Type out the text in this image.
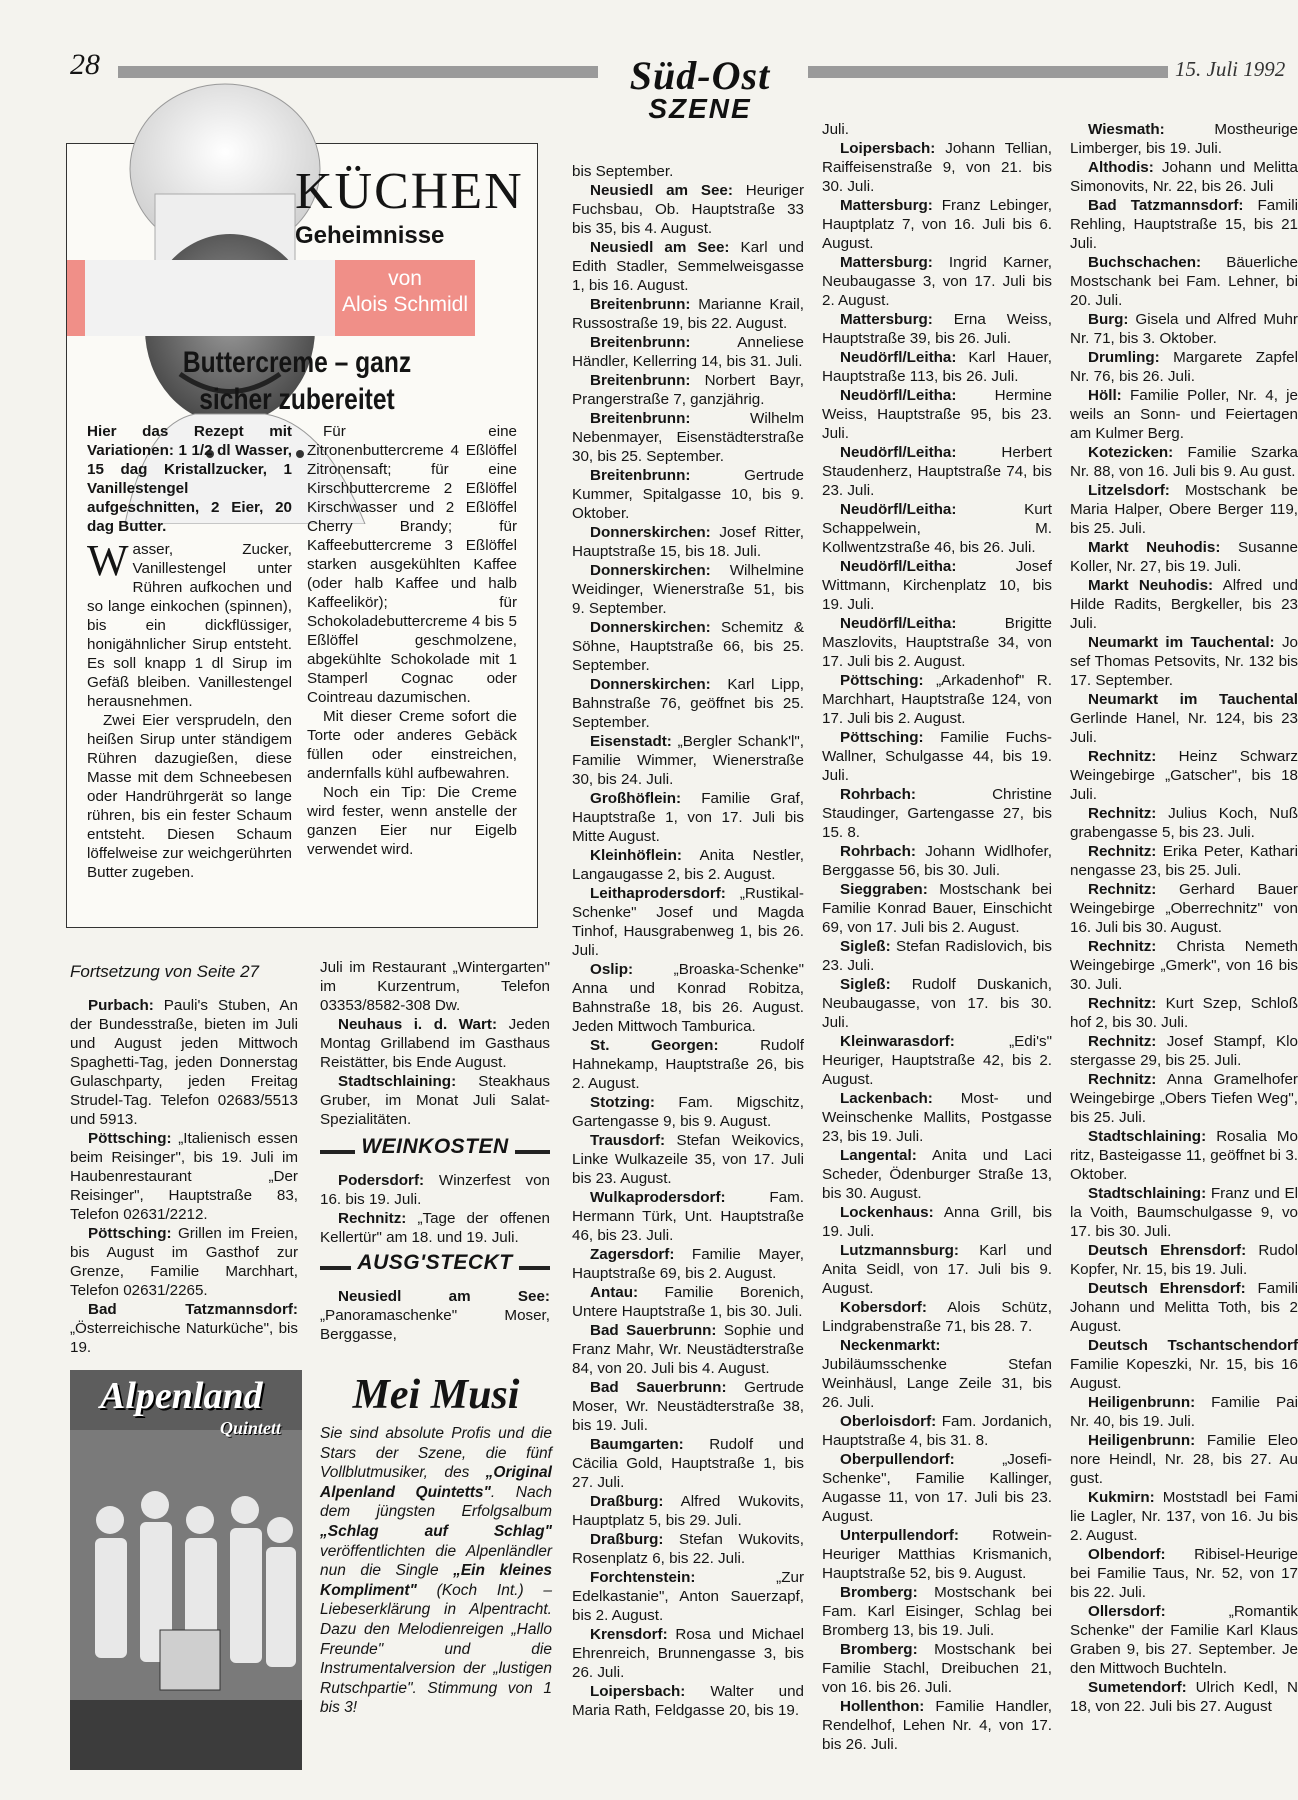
28	Süd-Ost
SZENE
15. Juli 1992
KÜCHEN
Geheimnisse
von
Alois Schmidl
Buttercreme – ganz
sicher zubereitet

Hier das Rezept mit Variationen: 1 1/2 dl Wasser, 15 dag Kristallzucker, 1 Vanillestengel aufgeschnitten, 2 Eier, 20 dag Butter.

W asser, Zucker, Vanillestengel unter Rühren aufkochen und so lange einkochen (spinnen), bis ein dickflüssiger, honigähnlicher Sirup entsteht. Es soll knapp 1 dl Sirup im Gefäß bleiben. Vanillestengel herausnehmen.

Zwei Eier versprudeln, den heißen Sirup unter ständigem Rühren dazugießen, diese Masse mit dem Schneebesen oder Handrührgerät so lange rühren, bis ein fester Schaum entsteht. Diesen Schaum löffelweise zur weichgerührten Butter zugeben.

Für eine Zitronenbuttercreme 4 Eßlöffel Zitronensaft; für eine Kirschbuttercreme 2 Eßlöffel Kirschwasser und 2 Eßlöffel Cherry Brandy; für Kaffeebuttercreme 3 Eßlöffel starken ausgekühlten Kaffee (oder halb Kaffee und halb Kaffeelikör); für Schokoladebuttercreme 4 bis 5 Eßlöffel geschmolzene, abgekühlte Schokolade mit 1 Stamperl Cognac oder Cointreau dazumischen.

Mit dieser Creme sofort die Torte oder anderes Gebäck füllen oder einstreichen, andernfalls kühl aufbewahren.

Noch ein Tip: Die Creme wird fester, wenn anstelle der ganzen Eier nur Eigelb verwendet wird.

Fortsetzung von Seite 27

Purbach: Pauli's Stuben, An der Bundesstraße, bieten im Juli und August jeden Mittwoch Spaghetti-Tag, jeden Donnerstag Gulaschparty, jeden Freitag Strudel-Tag. Telefon 02683/5513 und 5913.

Pöttsching: „Italienisch essen beim Reisinger", bis 19. Juli im Haubenrestaurant „Der Reisinger", Hauptstraße 83, Telefon 02631/2212.

Pöttsching: Grillen im Freien, bis August im Gasthof zur Grenze, Familie Marchhart, Telefon 02631/2265.

Bad Tatzmannsdorf: „Österreichische Naturküche", bis 19.

Juli im Restaurant „Wintergarten" im Kurzentrum, Telefon 03353/8582-308 Dw.

Neuhaus i. d. Wart: Jeden Montag Grillabend im Gasthaus Reistätter, bis Ende August.

Stadtschlaining: Steakhaus Gruber, im Monat Juli Salat-Spezialitäten.

WEINKOSTEN

Podersdorf: Winzerfest von 16. bis 19. Juli.

Rechnitz: „Tage der offenen Kellertür" am 18. und 19. Juli.

AUSG'STECKT

Neusiedl am See: „Panoramaschenke" Moser, Berggasse,

Alpenland
Quintett
Mei Musi

Sie sind absolute Profis und die Stars der Szene, die fünf Vollblutmusiker, des „Original Alpenland Quintetts". Nach dem jüngsten Erfolgsalbum „Schlag auf Schlag" veröffentlichten die Alpenländler nun die Single „Ein kleines Kompliment" (Koch Int.) – Liebeserklärung in Alpentracht. Dazu den Melodienreigen „Hallo Freunde" und die Instrumentalversion der „lustigen Rutschpartie". Stimmung von 1 bis 3!

bis September.

Neusiedl am See: Heuriger Fuchsbau, Ob. Hauptstraße 33 bis 35, bis 4. August.

Neusiedl am See: Karl und Edith Stadler, Semmelweisgasse 1, bis 16. August.

Breitenbrunn: Marianne Krail, Russostraße 19, bis 22. August.

Breitenbrunn: Anneliese Händler, Kellerring 14, bis 31. Juli.

Breitenbrunn: Norbert Bayr, Prangerstraße 7, ganzjährig.

Breitenbrunn: Wilhelm Nebenmayer, Eisenstädterstraße 30, bis 25. September.

Breitenbrunn: Gertrude Kummer, Spitalgasse 10, bis 9. Oktober.

Donnerskirchen: Josef Ritter, Hauptstraße 15, bis 18. Juli.

Donnerskirchen: Wilhelmine Weidinger, Wienerstraße 51, bis 9. September.

Donnerskirchen: Schemitz & Söhne, Hauptstraße 66, bis 25. September.

Donnerskirchen: Karl Lipp, Bahnstraße 76, geöffnet bis 25. September.

Eisenstadt: „Bergler Schank'l", Familie Wimmer, Wienerstraße 30, bis 24. Juli.

Großhöflein: Familie Graf, Hauptstraße 1, von 17. Juli bis Mitte August.

Kleinhöflein: Anita Nestler, Langaugasse 2, bis 2. August.

Leithaprodersdorf: „Rustikal-Schenke" Josef und Magda Tinhof, Hausgrabenweg 1, bis 26. Juli.

Oslip: „Broaska-Schenke" Anna und Konrad Robitza, Bahnstraße 18, bis 26. August. Jeden Mittwoch Tamburica.

St. Georgen: Rudolf Hahnekamp, Hauptstraße 26, bis 2. August.

Stotzing: Fam. Migschitz, Gartengasse 9, bis 9. August.

Trausdorf: Stefan Weikovics, Linke Wulkazeile 35, von 17. Juli bis 23. August.

Wulkaprodersdorf: Fam. Hermann Türk, Unt. Hauptstraße 46, bis 23. Juli.

Zagersdorf: Familie Mayer, Hauptstraße 69, bis 2. August.

Antau: Familie Borenich, Untere Hauptstraße 1, bis 30. Juli.

Bad Sauerbrunn: Sophie und Franz Mahr, Wr. Neustädterstraße 84, von 20. Juli bis 4. August.

Bad Sauerbrunn: Gertrude Moser, Wr. Neustädterstraße 38, bis 19. Juli.

Baumgarten: Rudolf und Cäcilia Gold, Hauptstraße 1, bis 27. Juli.

Draßburg: Alfred Wukovits, Hauptplatz 5, bis 29. Juli.

Draßburg: Stefan Wukovits, Rosenplatz 6, bis 22. Juli.

Forchtenstein: „Zur Edelkastanie", Anton Sauerzapf, bis 2. August.

Krensdorf: Rosa und Michael Ehrenreich, Brunnengasse 3, bis 26. Juli.

Loipersbach: Walter und Maria Rath, Feldgasse 20, bis 19.

Juli.

Loipersbach: Johann Tellian, Raiffeisenstraße 9, von 21. bis 30. Juli.

Mattersburg: Franz Lebinger, Hauptplatz 7, von 16. Juli bis 6. August.

Mattersburg: Ingrid Karner, Neubaugasse 3, von 17. Juli bis 2. August.

Mattersburg: Erna Weiss, Hauptstraße 39, bis 26. Juli.

Neudörfl/Leitha: Karl Hauer, Hauptstraße 113, bis 26. Juli.

Neudörfl/Leitha: Hermine Weiss, Hauptstraße 95, bis 23. Juli.

Neudörfl/Leitha: Herbert Staudenherz, Hauptstraße 74, bis 23. Juli.

Neudörfl/Leitha: Kurt Schappelwein, M. Kollwentzstraße 46, bis 26. Juli.

Neudörfl/Leitha: Josef Wittmann, Kirchenplatz 10, bis 19. Juli.

Neudörfl/Leitha: Brigitte Maszlovits, Hauptstraße 34, von 17. Juli bis 2. August.

Pöttsching: „Arkadenhof" R. Marchhart, Hauptstraße 124, von 17. Juli bis 2. August.

Pöttsching: Familie Fuchs-Wallner, Schulgasse 44, bis 19. Juli.

Rohrbach: Christine Staudinger, Gartengasse 27, bis 15. 8.

Rohrbach: Johann Widlhofer, Berggasse 56, bis 30. Juli.

Sieggraben: Mostschank bei Familie Konrad Bauer, Einschicht 69, von 17. Juli bis 2. August.

Sigleß: Stefan Radislovich, bis 23. Juli.

Sigleß: Rudolf Duskanich, Neubaugasse, von 17. bis 30. Juli.

Kleinwarasdorf: „Edi's" Heuriger, Hauptstraße 42, bis 2. August.

Lackenbach: Most- und Weinschenke Mallits, Postgasse 23, bis 19. Juli.

Langental: Anita und Laci Scheder, Ödenburger Straße 13, bis 30. August.

Lockenhaus: Anna Grill, bis 19. Juli.

Lutzmannsburg: Karl und Anita Seidl, von 17. Juli bis 9. August.

Kobersdorf: Alois Schütz, Lindgrabenstraße 71, bis 28. 7.

Neckenmarkt: Jubiläumsschenke Stefan Weinhäusl, Lange Zeile 31, bis 26. Juli.

Oberloisdorf: Fam. Jordanich, Hauptstraße 4, bis 31. 8.

Oberpullendorf: „Josefi-Schenke", Familie Kallinger, Augasse 11, von 17. Juli bis 23. August.

Unterpullendorf: Rotwein-Heuriger Matthias Krismanich, Hauptstraße 52, bis 9. August.

Bromberg: Mostschank bei Fam. Karl Eisinger, Schlag bei Bromberg 13, bis 19. Juli.

Bromberg: Mostschank bei Familie Stachl, Dreibuchen 21, von 16. bis 26. Juli.

Hollenthon: Familie Handler, Rendelhof, Lehen Nr. 4, von 17. bis 26. Juli.

Wiesmath: Mostheurige Limberger, bis 19. Juli.

Althodis: Johann und Melitta Simonovits, Nr. 22, bis 26. Juli

Bad Tatzmannsdorf: Famili Rehling, Hauptstraße 15, bis 21 Juli.

Buchschachen: Bäuerliche Mostschank bei Fam. Lehner, bi 20. Juli.

Burg: Gisela und Alfred Muhr Nr. 71, bis 3. Oktober.

Drumling: Margarete Zapfel Nr. 76, bis 26. Juli.

Höll: Familie Poller, Nr. 4, je weils an Sonn- und Feiertagen am Kulmer Berg.

Kotezicken: Familie Szarka Nr. 88, von 16. Juli bis 9. Au gust.

Litzelsdorf: Mostschank be Maria Halper, Obere Berger 119, bis 25. Juli.

Markt Neuhodis: Susanne Koller, Nr. 27, bis 19. Juli.

Markt Neuhodis: Alfred und Hilde Radits, Bergkeller, bis 23 Juli.

Neumarkt im Tauchental: Jo sef Thomas Petsovits, Nr. 132 bis 17. September.

Neumarkt im Tauchental Gerlinde Hanel, Nr. 124, bis 23 Juli.

Rechnitz: Heinz Schwarz Weingebirge „Gatscher", bis 18 Juli.

Rechnitz: Julius Koch, Nuß grabengasse 5, bis 23. Juli.

Rechnitz: Erika Peter, Kathari nengasse 23, bis 25. Juli.

Rechnitz: Gerhard Bauer Weingebirge „Oberrechnitz" von 16. Juli bis 30. August.

Rechnitz: Christa Nemeth Weingebirge „Gmerk", von 16 bis 30. Juli.

Rechnitz: Kurt Szep, Schloß hof 2, bis 30. Juli.

Rechnitz: Josef Stampf, Klo stergasse 29, bis 25. Juli.

Rechnitz: Anna Gramelhofer Weingebirge „Obers Tiefen Weg", bis 25. Juli.

Stadtschlaining: Rosalia Mo ritz, Basteigasse 11, geöffnet bi 3. Oktober.

Stadtschlaining: Franz und El la Voith, Baumschulgasse 9, vo 17. bis 30. Juli.

Deutsch Ehrensdorf: Rudol Kopfer, Nr. 15, bis 19. Juli.

Deutsch Ehrensdorf: Famili Johann und Melitta Toth, bis 2 August.

Deutsch Tschantschendorf Familie Kopeszki, Nr. 15, bis 16 August.

Heiligenbrunn: Familie Pai Nr. 40, bis 19. Juli.

Heiligenbrunn: Familie Eleo nore Heindl, Nr. 28, bis 27. Au gust.

Kukmirn: Moststadl bei Fami lie Lagler, Nr. 137, von 16. Ju bis 2. August.

Olbendorf: Ribisel-Heurige bei Familie Taus, Nr. 52, von 17 bis 22. Juli.

Ollersdorf: „Romantik Schenke" der Familie Karl Klaus Graben 9, bis 27. September. Je den Mittwoch Buchteln.

Sumetendorf: Ulrich Kedl, N 18, von 22. Juli bis 27. August
